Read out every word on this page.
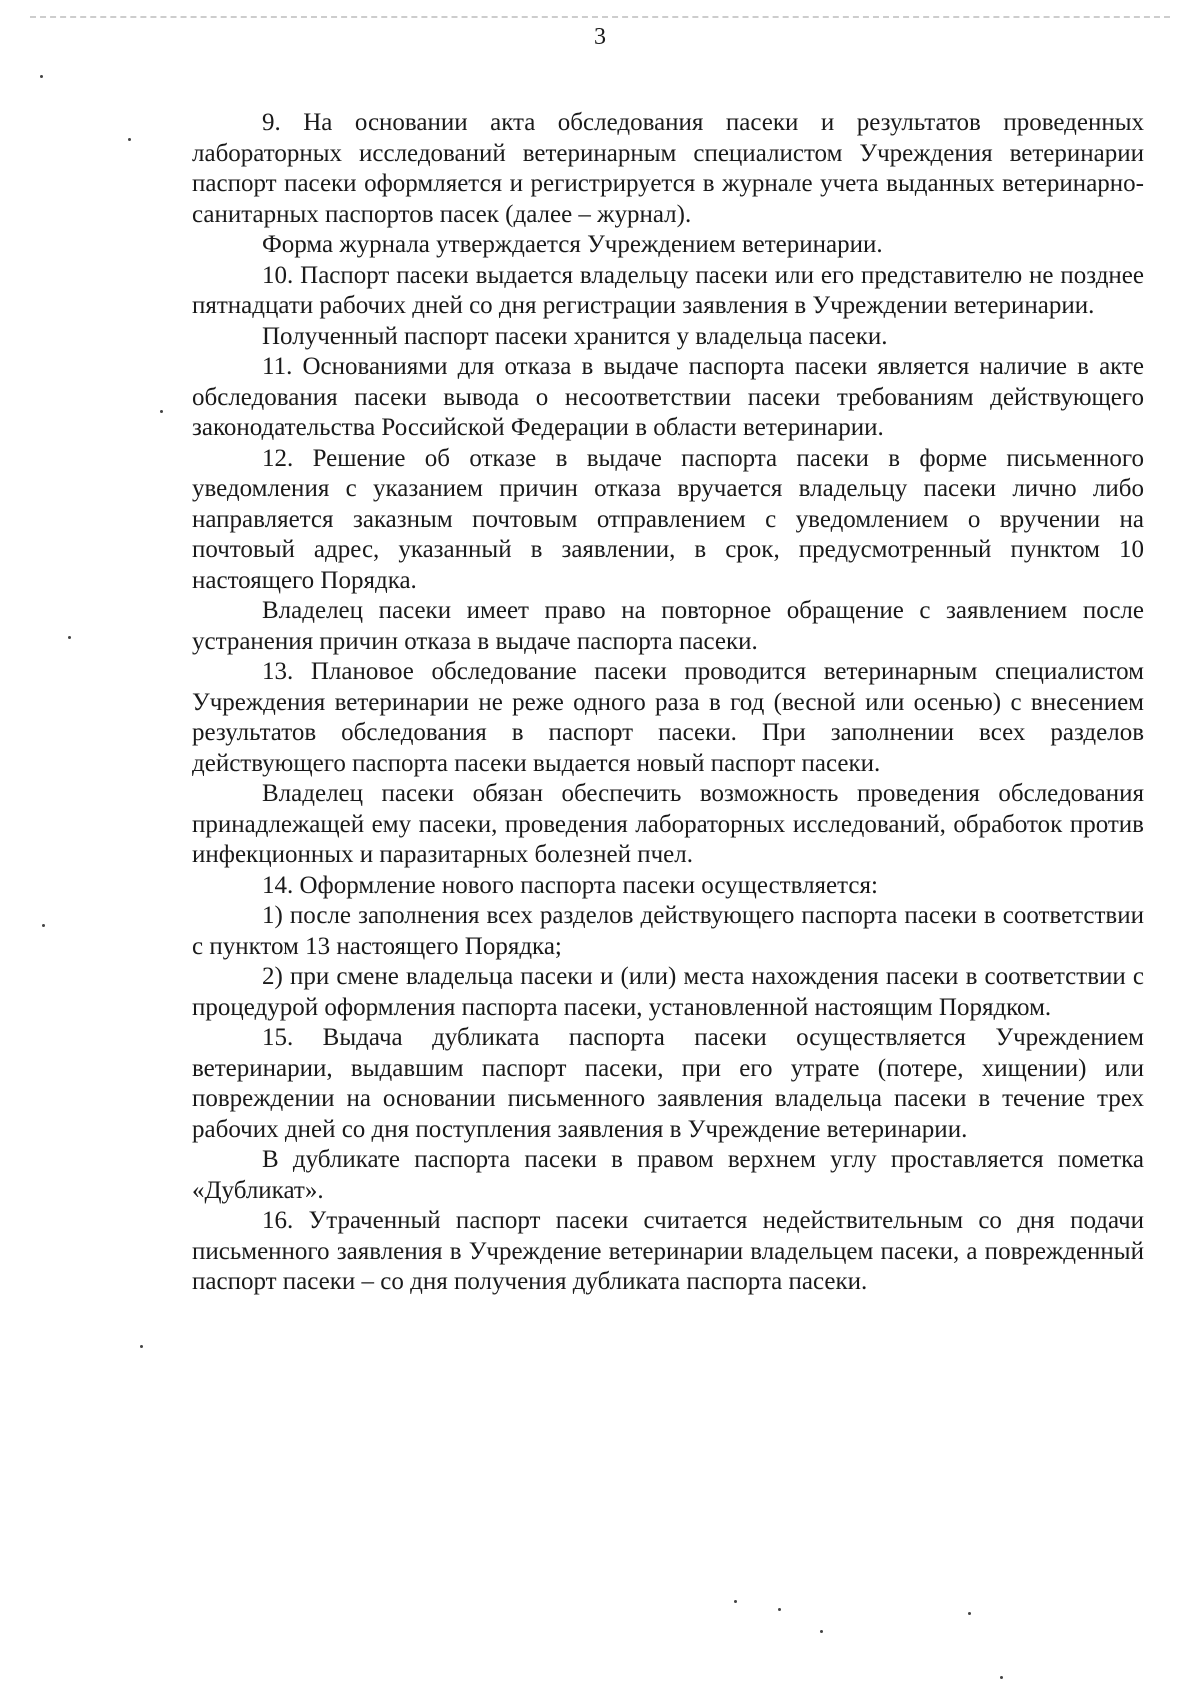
3

9. На основании акта обследования пасеки и результатов проведенных лабораторных исследований ветеринарным специалистом Учреждения ветеринарии паспорт пасеки оформляется и регистрируется в журнале учета выданных ветеринарно-санитарных паспортов пасек (далее – журнал).

Форма журнала утверждается Учреждением ветеринарии.

10. Паспорт пасеки выдается владельцу пасеки или его представителю не позднее пятнадцати рабочих дней со дня регистрации заявления в Учреждении ветеринарии.

Полученный паспорт пасеки хранится у владельца пасеки.

11. Основаниями для отказа в выдаче паспорта пасеки является наличие в акте обследования пасеки вывода о несоответствии пасеки требованиям действующего законодательства Российской Федерации в области ветеринарии.

12. Решение об отказе в выдаче паспорта пасеки в форме письменного уведомления с указанием причин отказа вручается владельцу пасеки лично либо направляется заказным почтовым отправлением с уведомлением о вручении на почтовый адрес, указанный в заявлении, в срок, предусмотренный пунктом 10 настоящего Порядка.

Владелец пасеки имеет право на повторное обращение с заявлением после устранения причин отказа в выдаче паспорта пасеки.

13. Плановое обследование пасеки проводится ветеринарным специалистом Учреждения ветеринарии не реже одного раза в год (весной или осенью) с внесением результатов обследования в паспорт пасеки. При заполнении всех разделов действующего паспорта пасеки выдается новый паспорт пасеки.

Владелец пасеки обязан обеспечить возможность проведения обследования принадлежащей ему пасеки, проведения лабораторных исследований, обработок против инфекционных и паразитарных болезней пчел.

14. Оформление нового паспорта пасеки осуществляется:

1) после заполнения всех разделов действующего паспорта пасеки в соответствии с пунктом 13 настоящего Порядка;

2) при смене владельца пасеки и (или) места нахождения пасеки в соответствии с процедурой оформления паспорта пасеки, установленной настоящим Порядком.

15. Выдача дубликата паспорта пасеки осуществляется Учреждением ветеринарии, выдавшим паспорт пасеки, при его утрате (потере, хищении) или повреждении на основании письменного заявления владельца пасеки в течение трех рабочих дней со дня поступления заявления в Учреждение ветеринарии.

В дубликате паспорта пасеки в правом верхнем углу проставляется пометка «Дубликат».

16. Утраченный паспорт пасеки считается недействительным со дня подачи письменного заявления в Учреждение ветеринарии владельцем пасеки, а поврежденный паспорт пасеки – со дня получения дубликата паспорта пасеки.
